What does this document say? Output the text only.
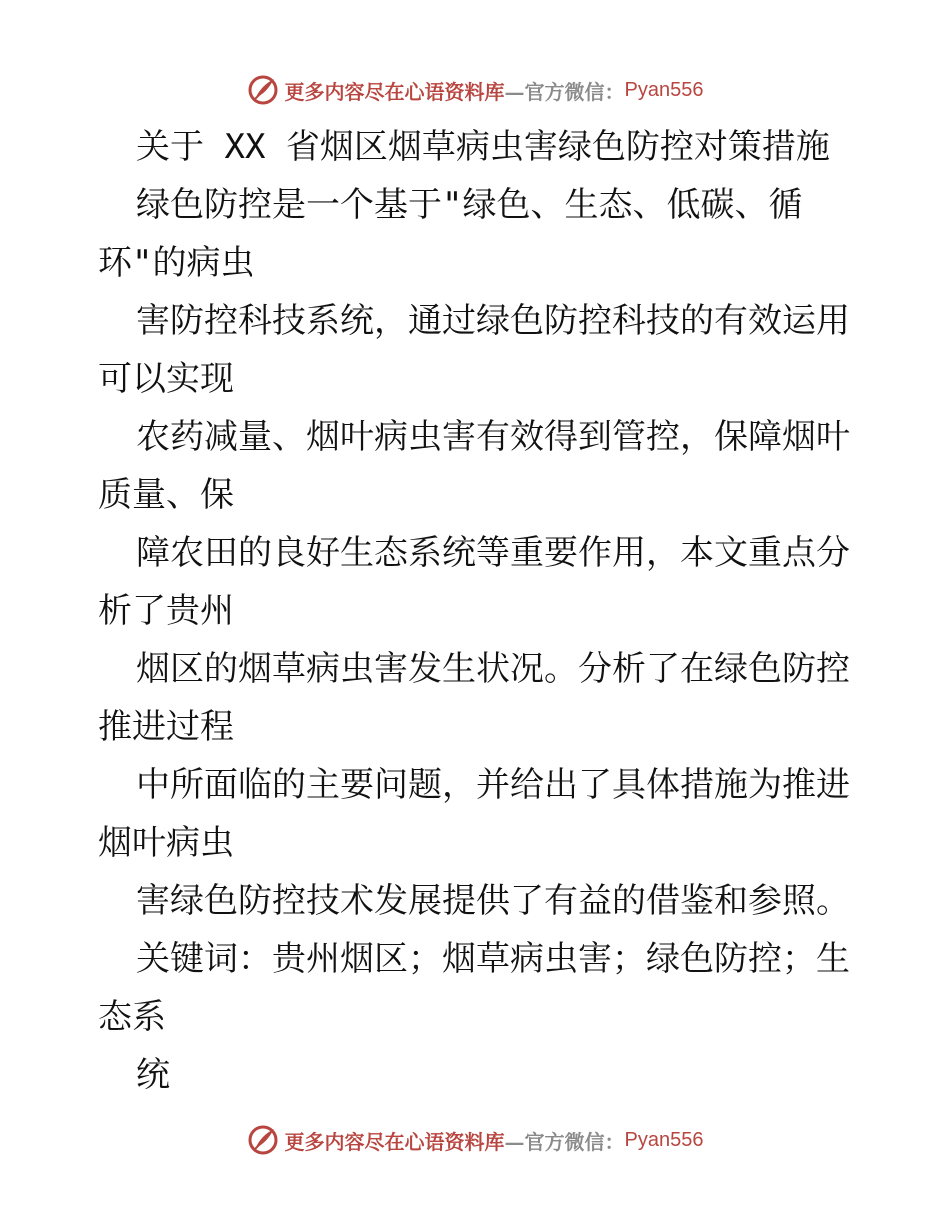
更多内容尽在心语资料库 —官方微信： Pyan556
关于 XX 省烟区烟草病虫害绿色防控对策措施
绿色防控是一个基于"绿色、生态、低碳、循
环"的病虫
害防控科技系统，通过绿色防控科技的有效运用
可以实现
农药减量、烟叶病虫害有效得到管控，保障烟叶
质量、保
障农田的良好生态系统等重要作用，本文重点分
析了贵州
烟区的烟草病虫害发生状况。分析了在绿色防控
推进过程
中所面临的主要问题，并给出了具体措施为推进
烟叶病虫
害绿色防控技术发展提供了有益的借鉴和参照。
关键词：贵州烟区；烟草病虫害；绿色防控；生
态系
统
更多内容尽在心语资料库 —官方微信： Pyan556
